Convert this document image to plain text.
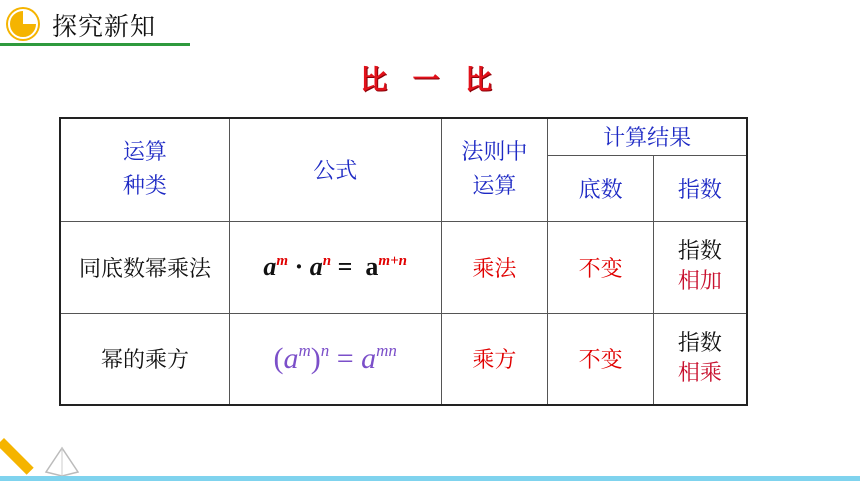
探究新知
比 一 比
运算种类	公式	法则中运算	计算结果	
			底数	指数
同底数幂乘法	$a^m \cdot a^n = a^{m+n}$	乘法	不变	指数
相加

幂的乘方	$(a^m)^n = a^{mn}$	乘方	不变	指数
相乘
